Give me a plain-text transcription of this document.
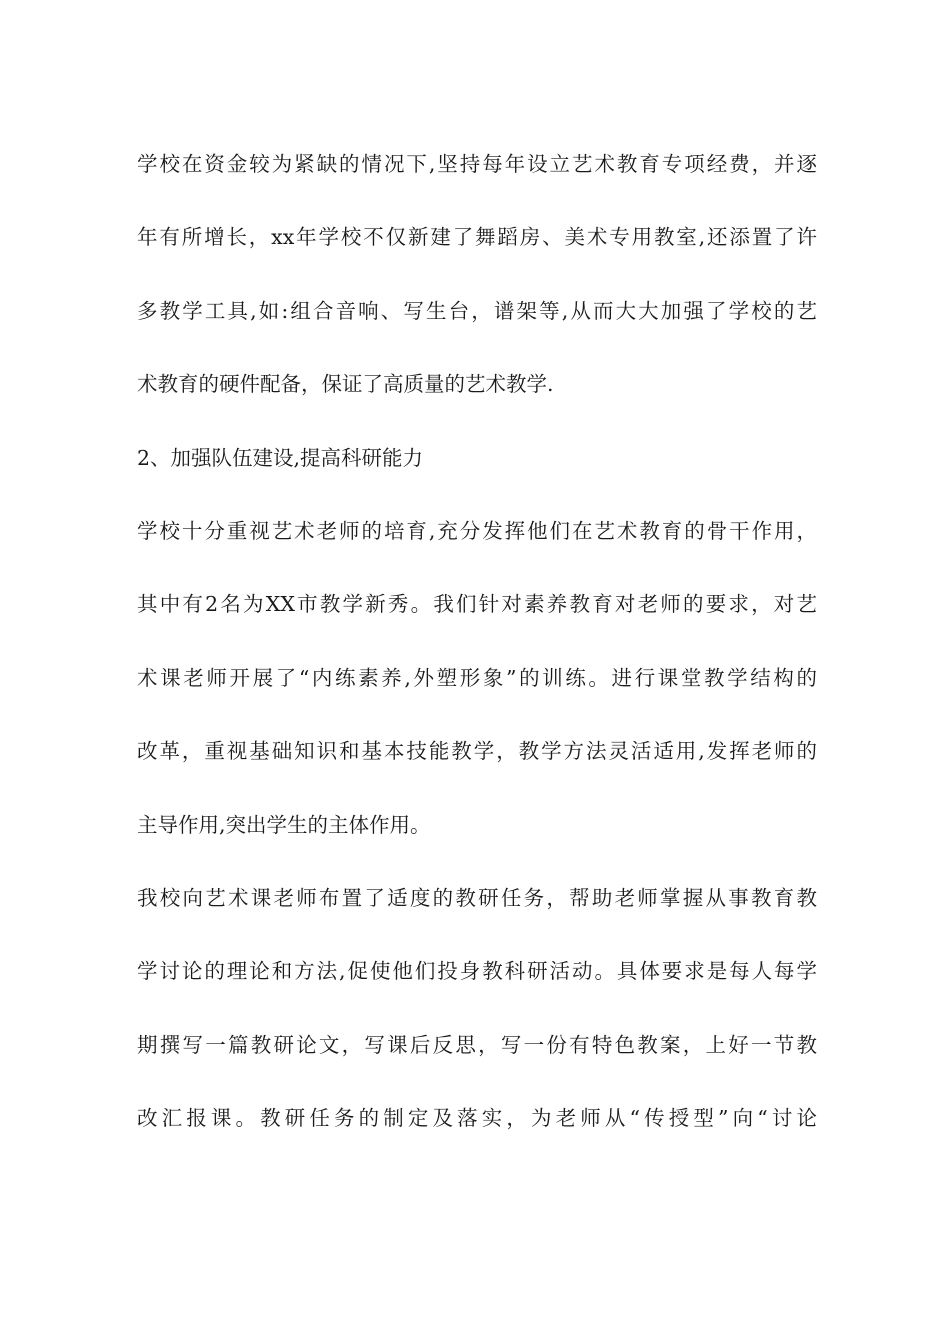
学校在资金较为紧缺的情况下,坚持每年设立艺术教育专项经费，并逐
年有所增长，xx年学校不仅新建了舞蹈房、美术专用教室,还添置了许
多教学工具,如:组合音响、写生台，谱架等,从而大大加强了学校的艺
术教育的硬件配备，保证了高质量的艺术教学.
2、加强队伍建设,提高科研能力
学校十分重视艺术老师的培育,充分发挥他们在艺术教育的骨干作用，
其中有2名为XX市教学新秀。我们针对素养教育对老师的要求，对艺
术课老师开展了“内练素养,外塑形象”的训练。进行课堂教学结构的
改革，重视基础知识和基本技能教学，教学方法灵活适用,发挥老师的
主导作用,突出学生的主体作用。
我校向艺术课老师布置了适度的教研任务，帮助老师掌握从事教育教
学讨论的理论和方法,促使他们投身教科研活动。具体要求是每人每学
期撰写一篇教研论文，写课后反思，写一份有特色教案，上好一节教
改汇报课。教研任务的制定及落实，为老师从“传授型”向“讨论
